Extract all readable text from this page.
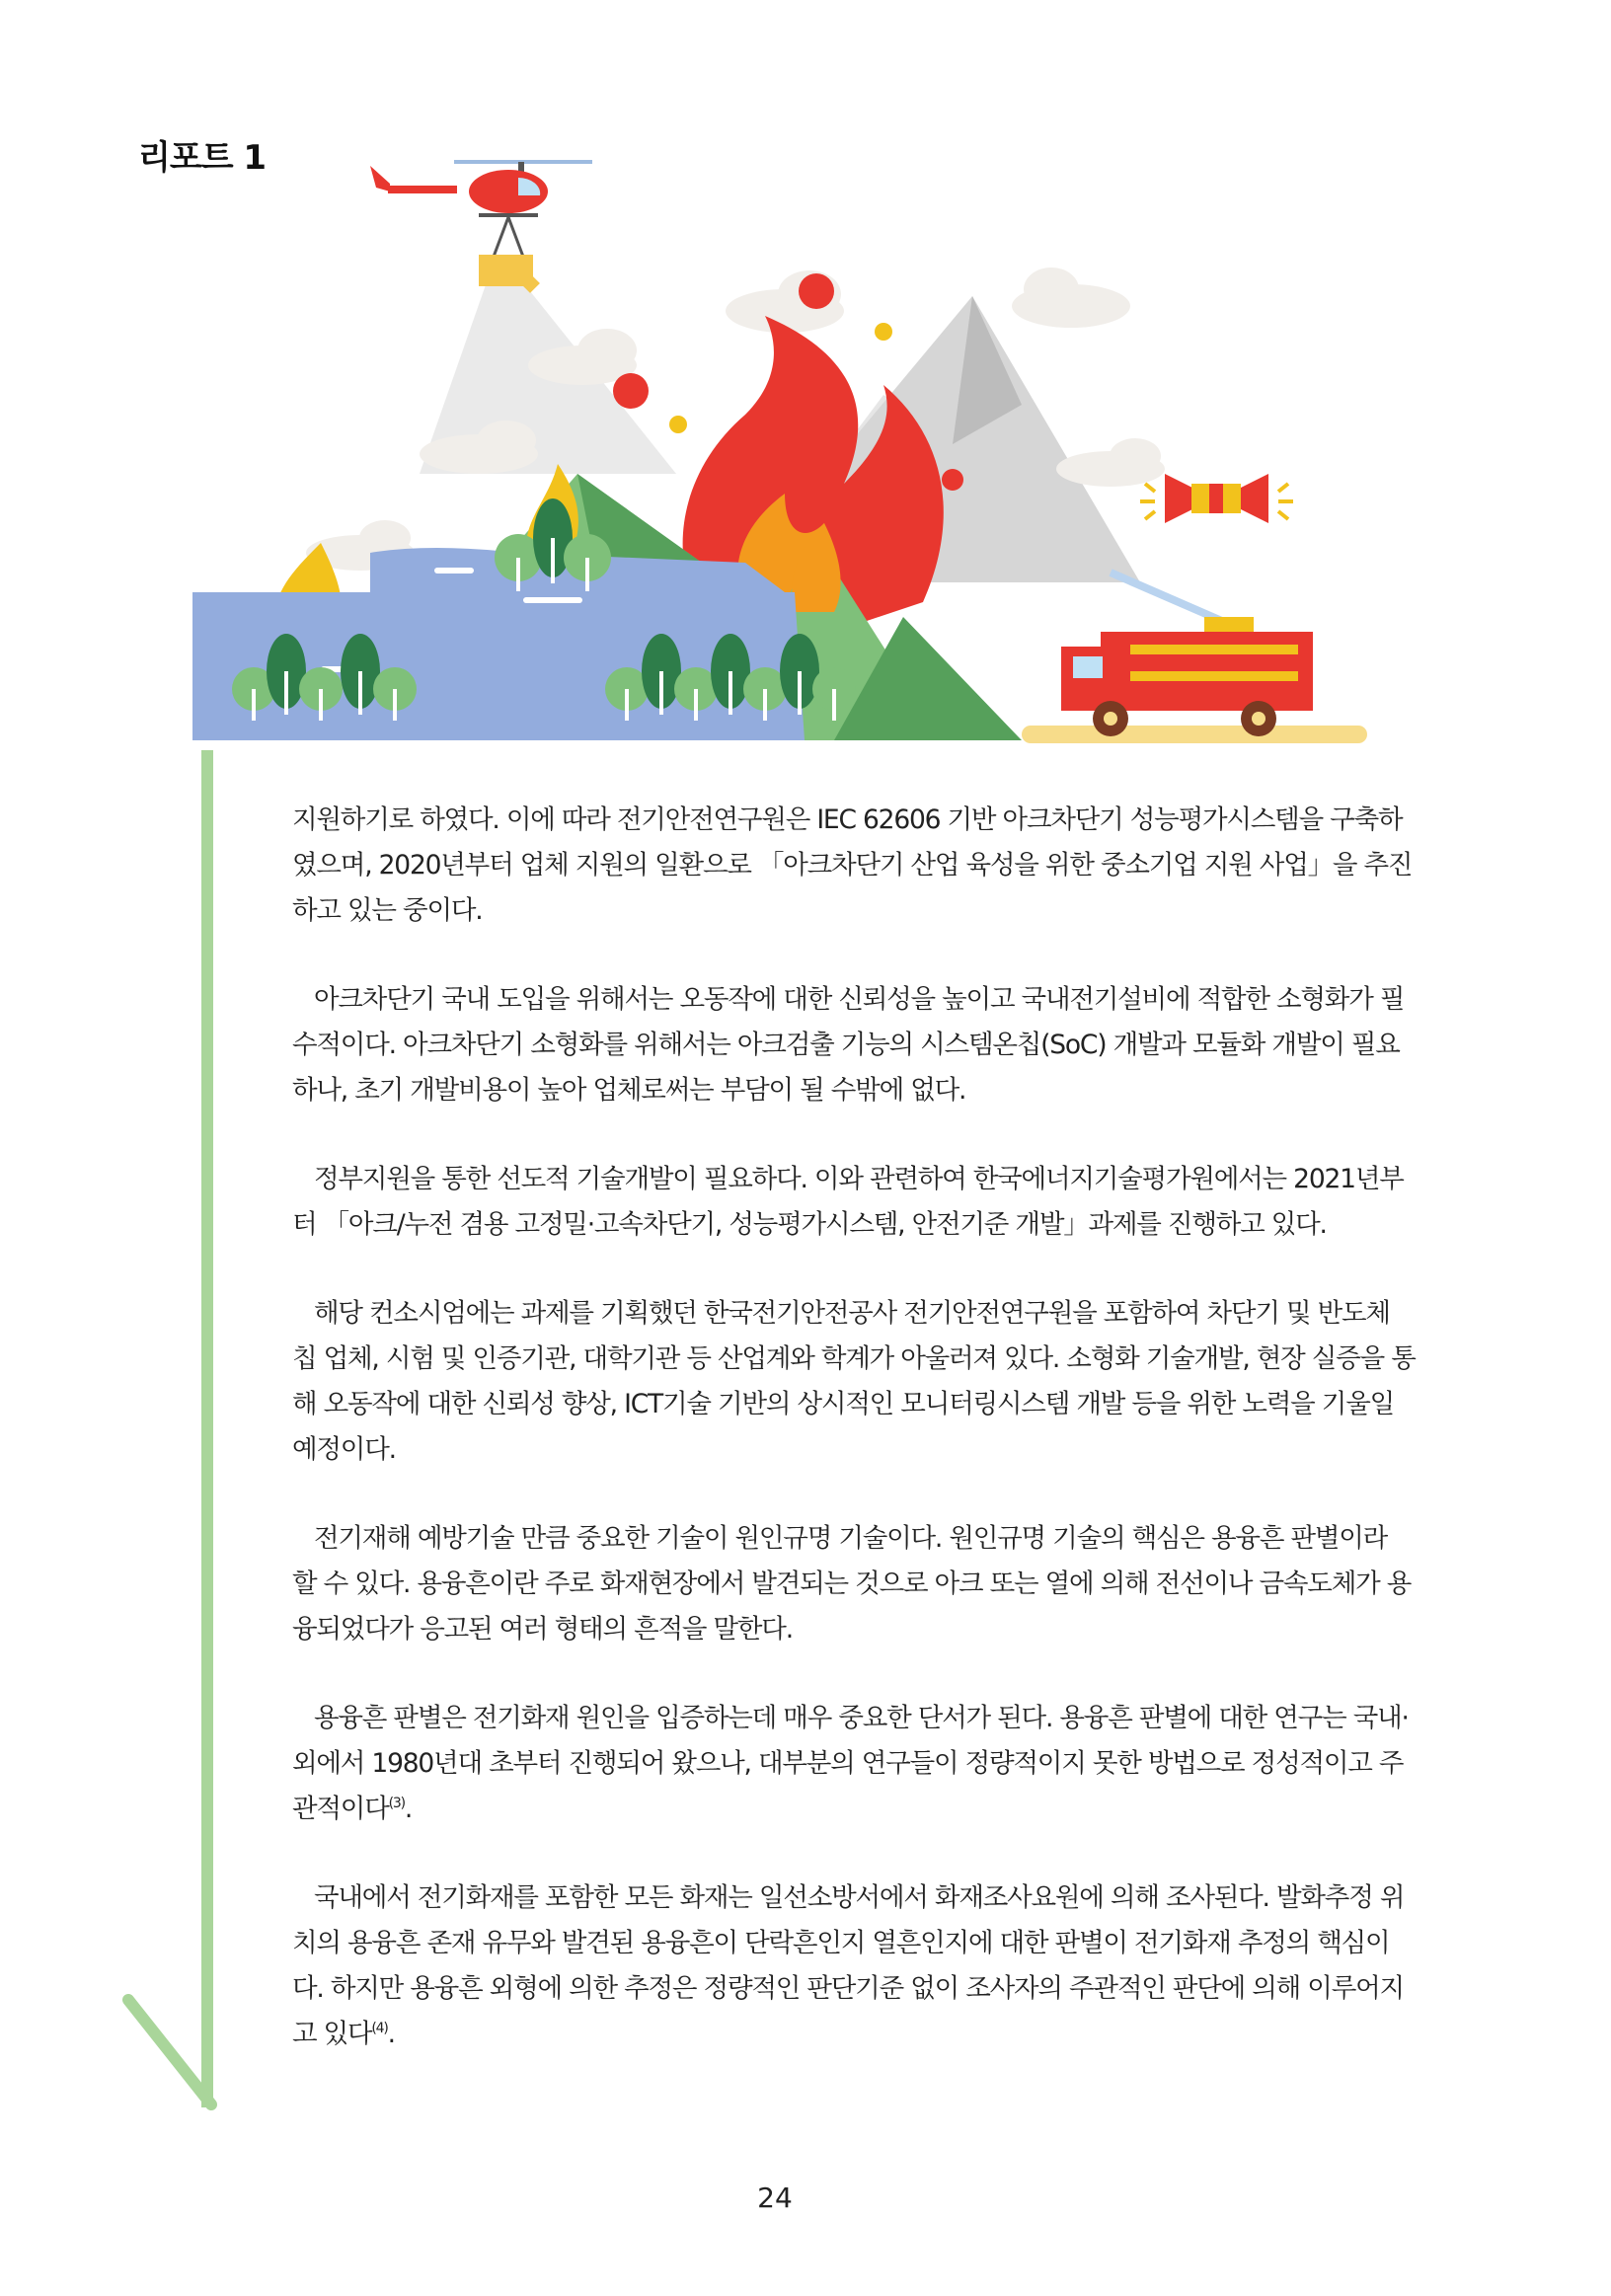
리포트 1

지원하기로 하였다. 이에 따라 전기안전연구원은 IEC 62606 기반 아크차단기 성능평가시스템을 구축하였으며, 2020년부터 업체 지원의 일환으로 「아크차단기 산업 육성을 위한 중소기업 지원 사업」을 추진하고 있는 중이다.

아크차단기 국내 도입을 위해서는 오동작에 대한 신뢰성을 높이고 국내전기설비에 적합한 소형화가 필수적이다. 아크차단기 소형화를 위해서는 아크검출 기능의 시스템온칩(SoC) 개발과 모듈화 개발이 필요하나, 초기 개발비용이 높아 업체로써는 부담이 될 수밖에 없다.

정부지원을 통한 선도적 기술개발이 필요하다. 이와 관련하여 한국에너지기술평가원에서는 2021년부터 「아크/누전 겸용 고정밀·고속차단기, 성능평가시스템, 안전기준 개발」과제를 진행하고 있다.

해당 컨소시엄에는 과제를 기획했던 한국전기안전공사 전기안전연구원을 포함하여 차단기 및 반도체 칩 업체, 시험 및 인증기관, 대학기관 등 산업계와 학계가 아울러져 있다. 소형화 기술개발, 현장 실증을 통해 오동작에 대한 신뢰성 향상, ICT기술 기반의 상시적인 모니터링시스템 개발 등을 위한 노력을 기울일 예정이다.

전기재해 예방기술 만큼 중요한 기술이 원인규명 기술이다. 원인규명 기술의 핵심은 용융흔 판별이라 할 수 있다. 용융흔이란 주로 화재현장에서 발견되는 것으로 아크 또는 열에 의해 전선이나 금속도체가 용융되었다가 응고된 여러 형태의 흔적을 말한다.

용융흔 판별은 전기화재 원인을 입증하는데 매우 중요한 단서가 된다. 용융흔 판별에 대한 연구는 국내·외에서 1980년대 초부터 진행되어 왔으나, 대부분의 연구들이 정량적이지 못한 방법으로 정성적이고 주관적이다$^{(3)}$.

국내에서 전기화재를 포함한 모든 화재는 일선소방서에서 화재조사요원에 의해 조사된다. 발화추정 위치의 용융흔 존재 유무와 발견된 용융흔이 단락흔인지 열흔인지에 대한 판별이 전기화재 추정의 핵심이다. 하지만 용융흔 외형에 의한 추정은 정량적인 판단기준 없이 조사자의 주관적인 판단에 의해 이루어지고 있다$^{(4)}$.

24
